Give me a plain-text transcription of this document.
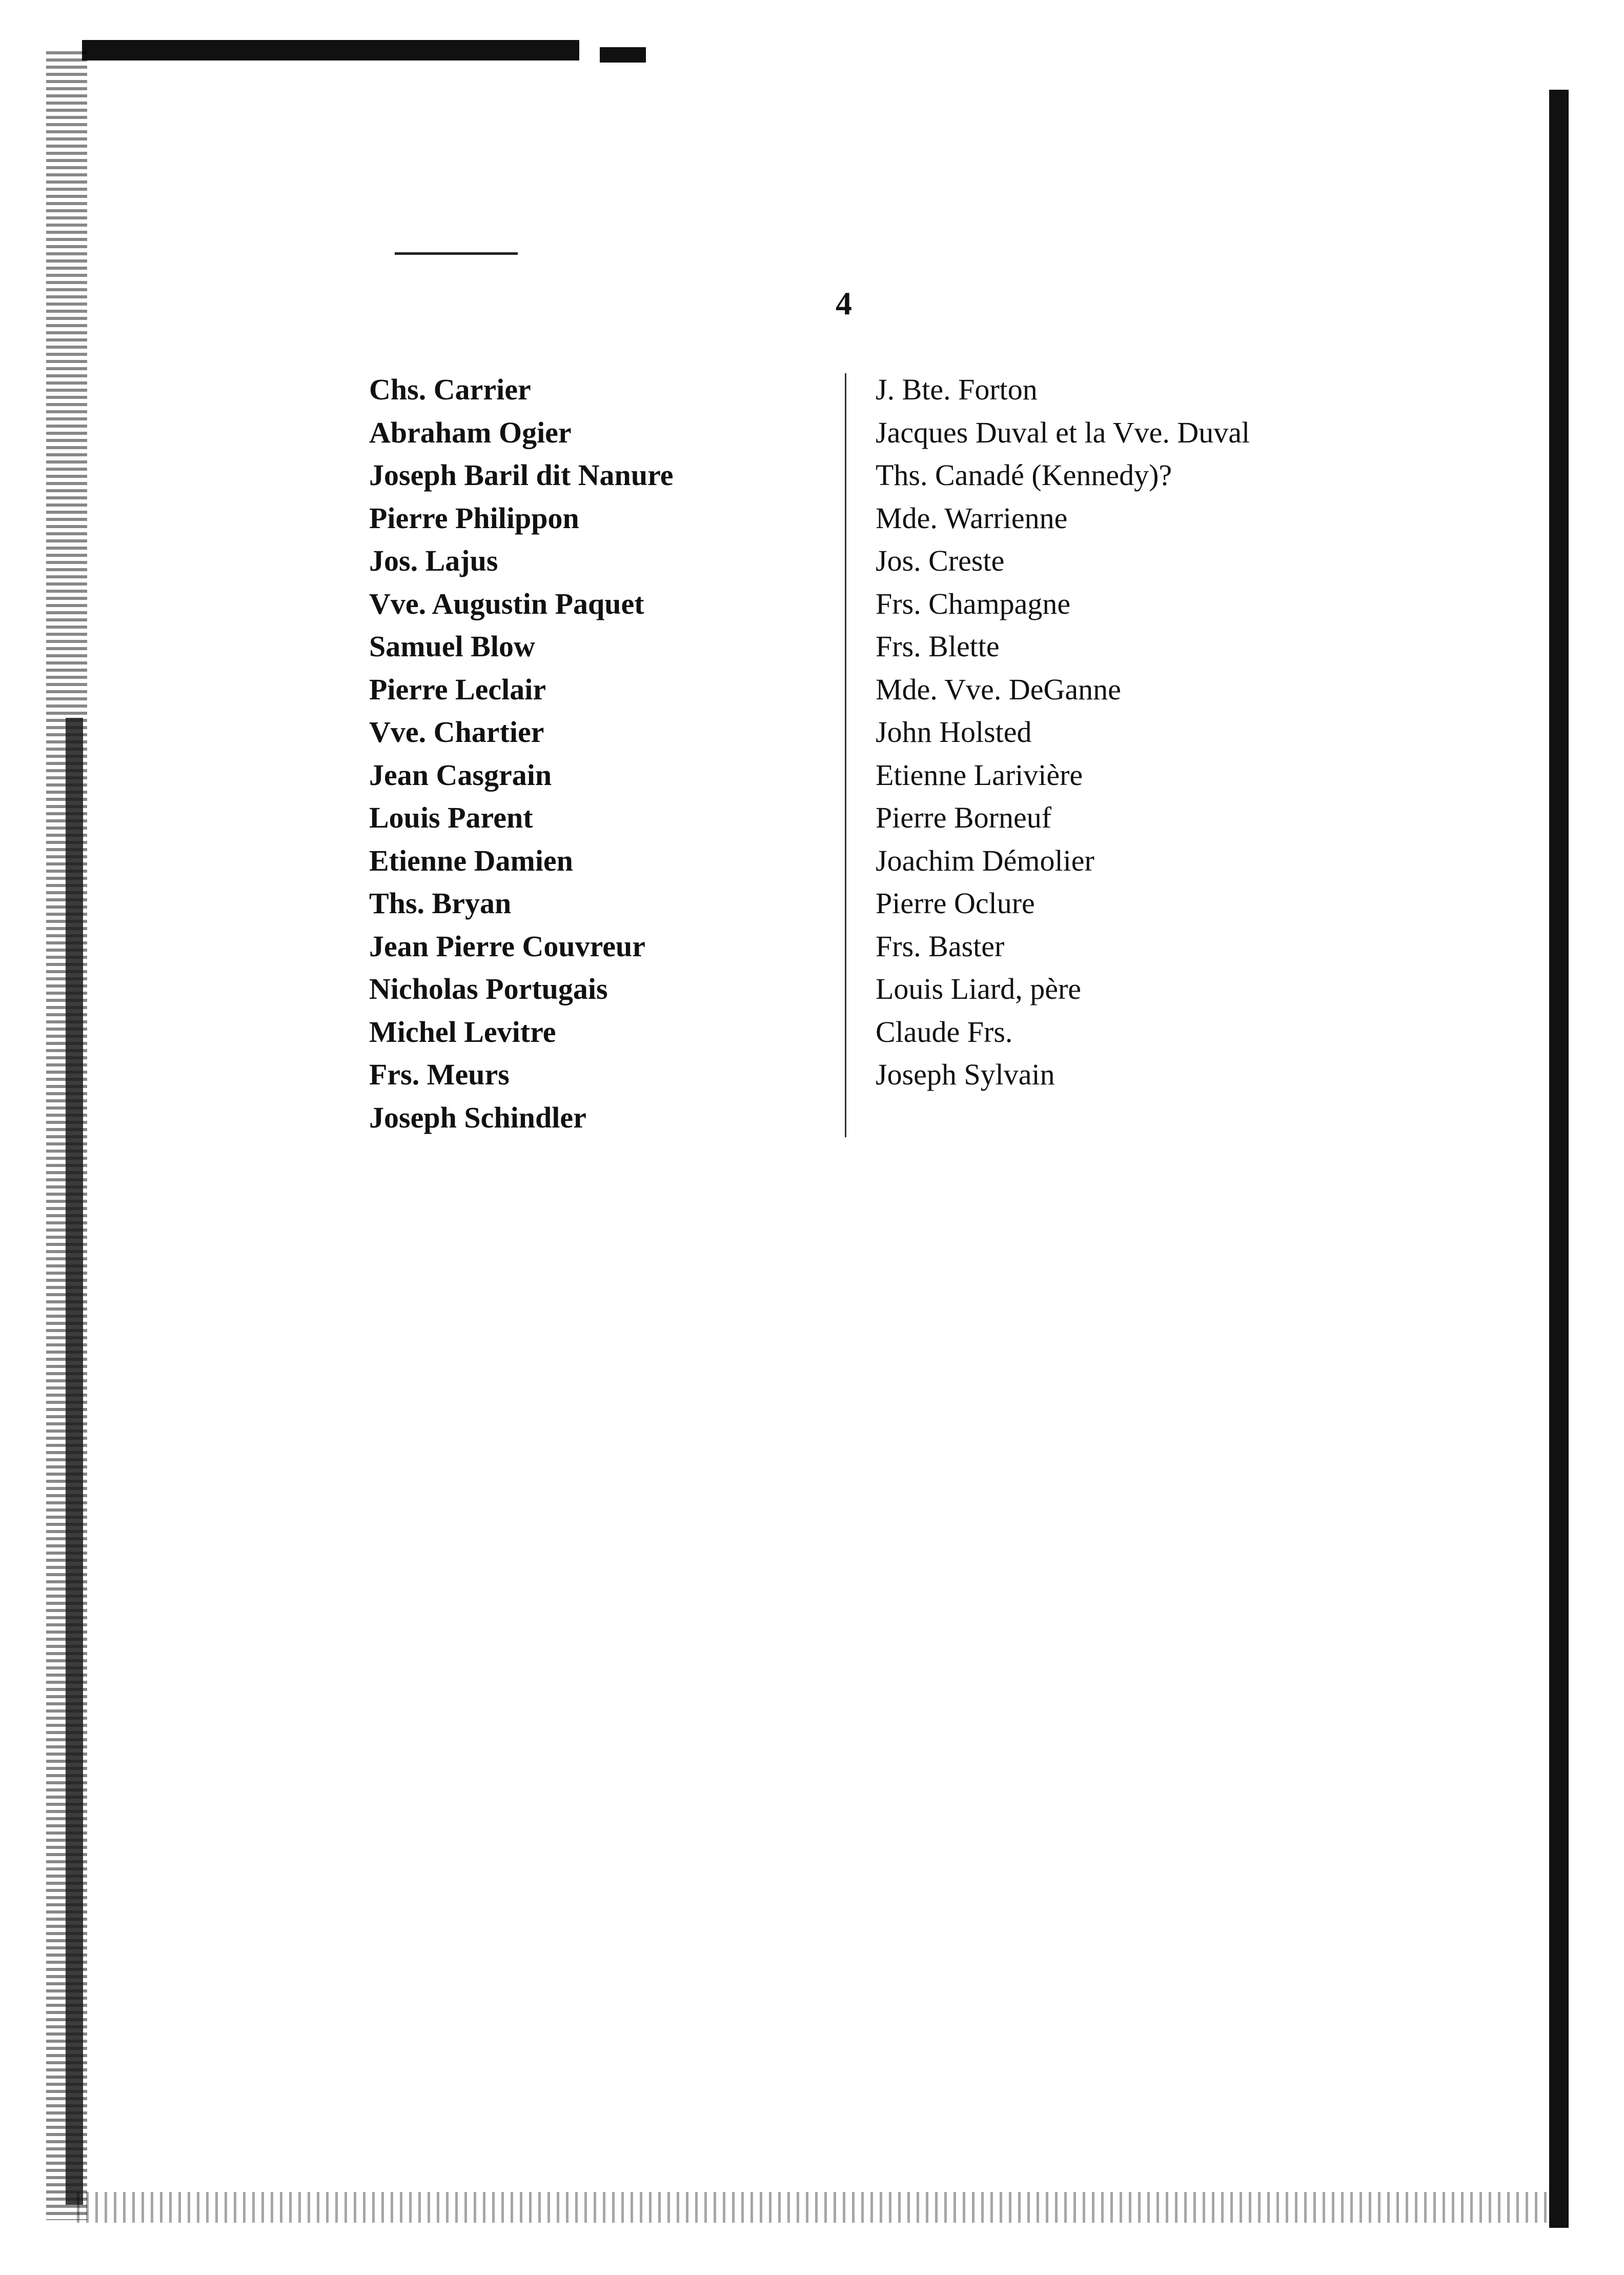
4
Chs. Carrier
Abraham Ogier
Joseph Baril dit Nanure
Pierre Philippon
Jos. Lajus
Vve. Augustin Paquet
Samuel Blow
Pierre Leclair
Vve. Chartier
Jean Casgrain
Louis Parent
Etienne Damien
Ths. Bryan
Jean Pierre Couvreur
Nicholas Portugais
Michel Levitre
Frs. Meurs
Joseph Schindler
J. Bte. Forton
Jacques Duval et la Vve. Duval
Ths. Canadé (Kennedy)?
Mde. Warrienne
Jos. Creste
Frs. Champagne
Frs. Blette
Mde. Vve. DeGanne
John Holsted
Etienne Larivière
Pierre Borneuf
Joachim Démolier
Pierre Oclure
Frs. Baster
Louis Liard, père
Claude Frs.
Joseph Sylvain
